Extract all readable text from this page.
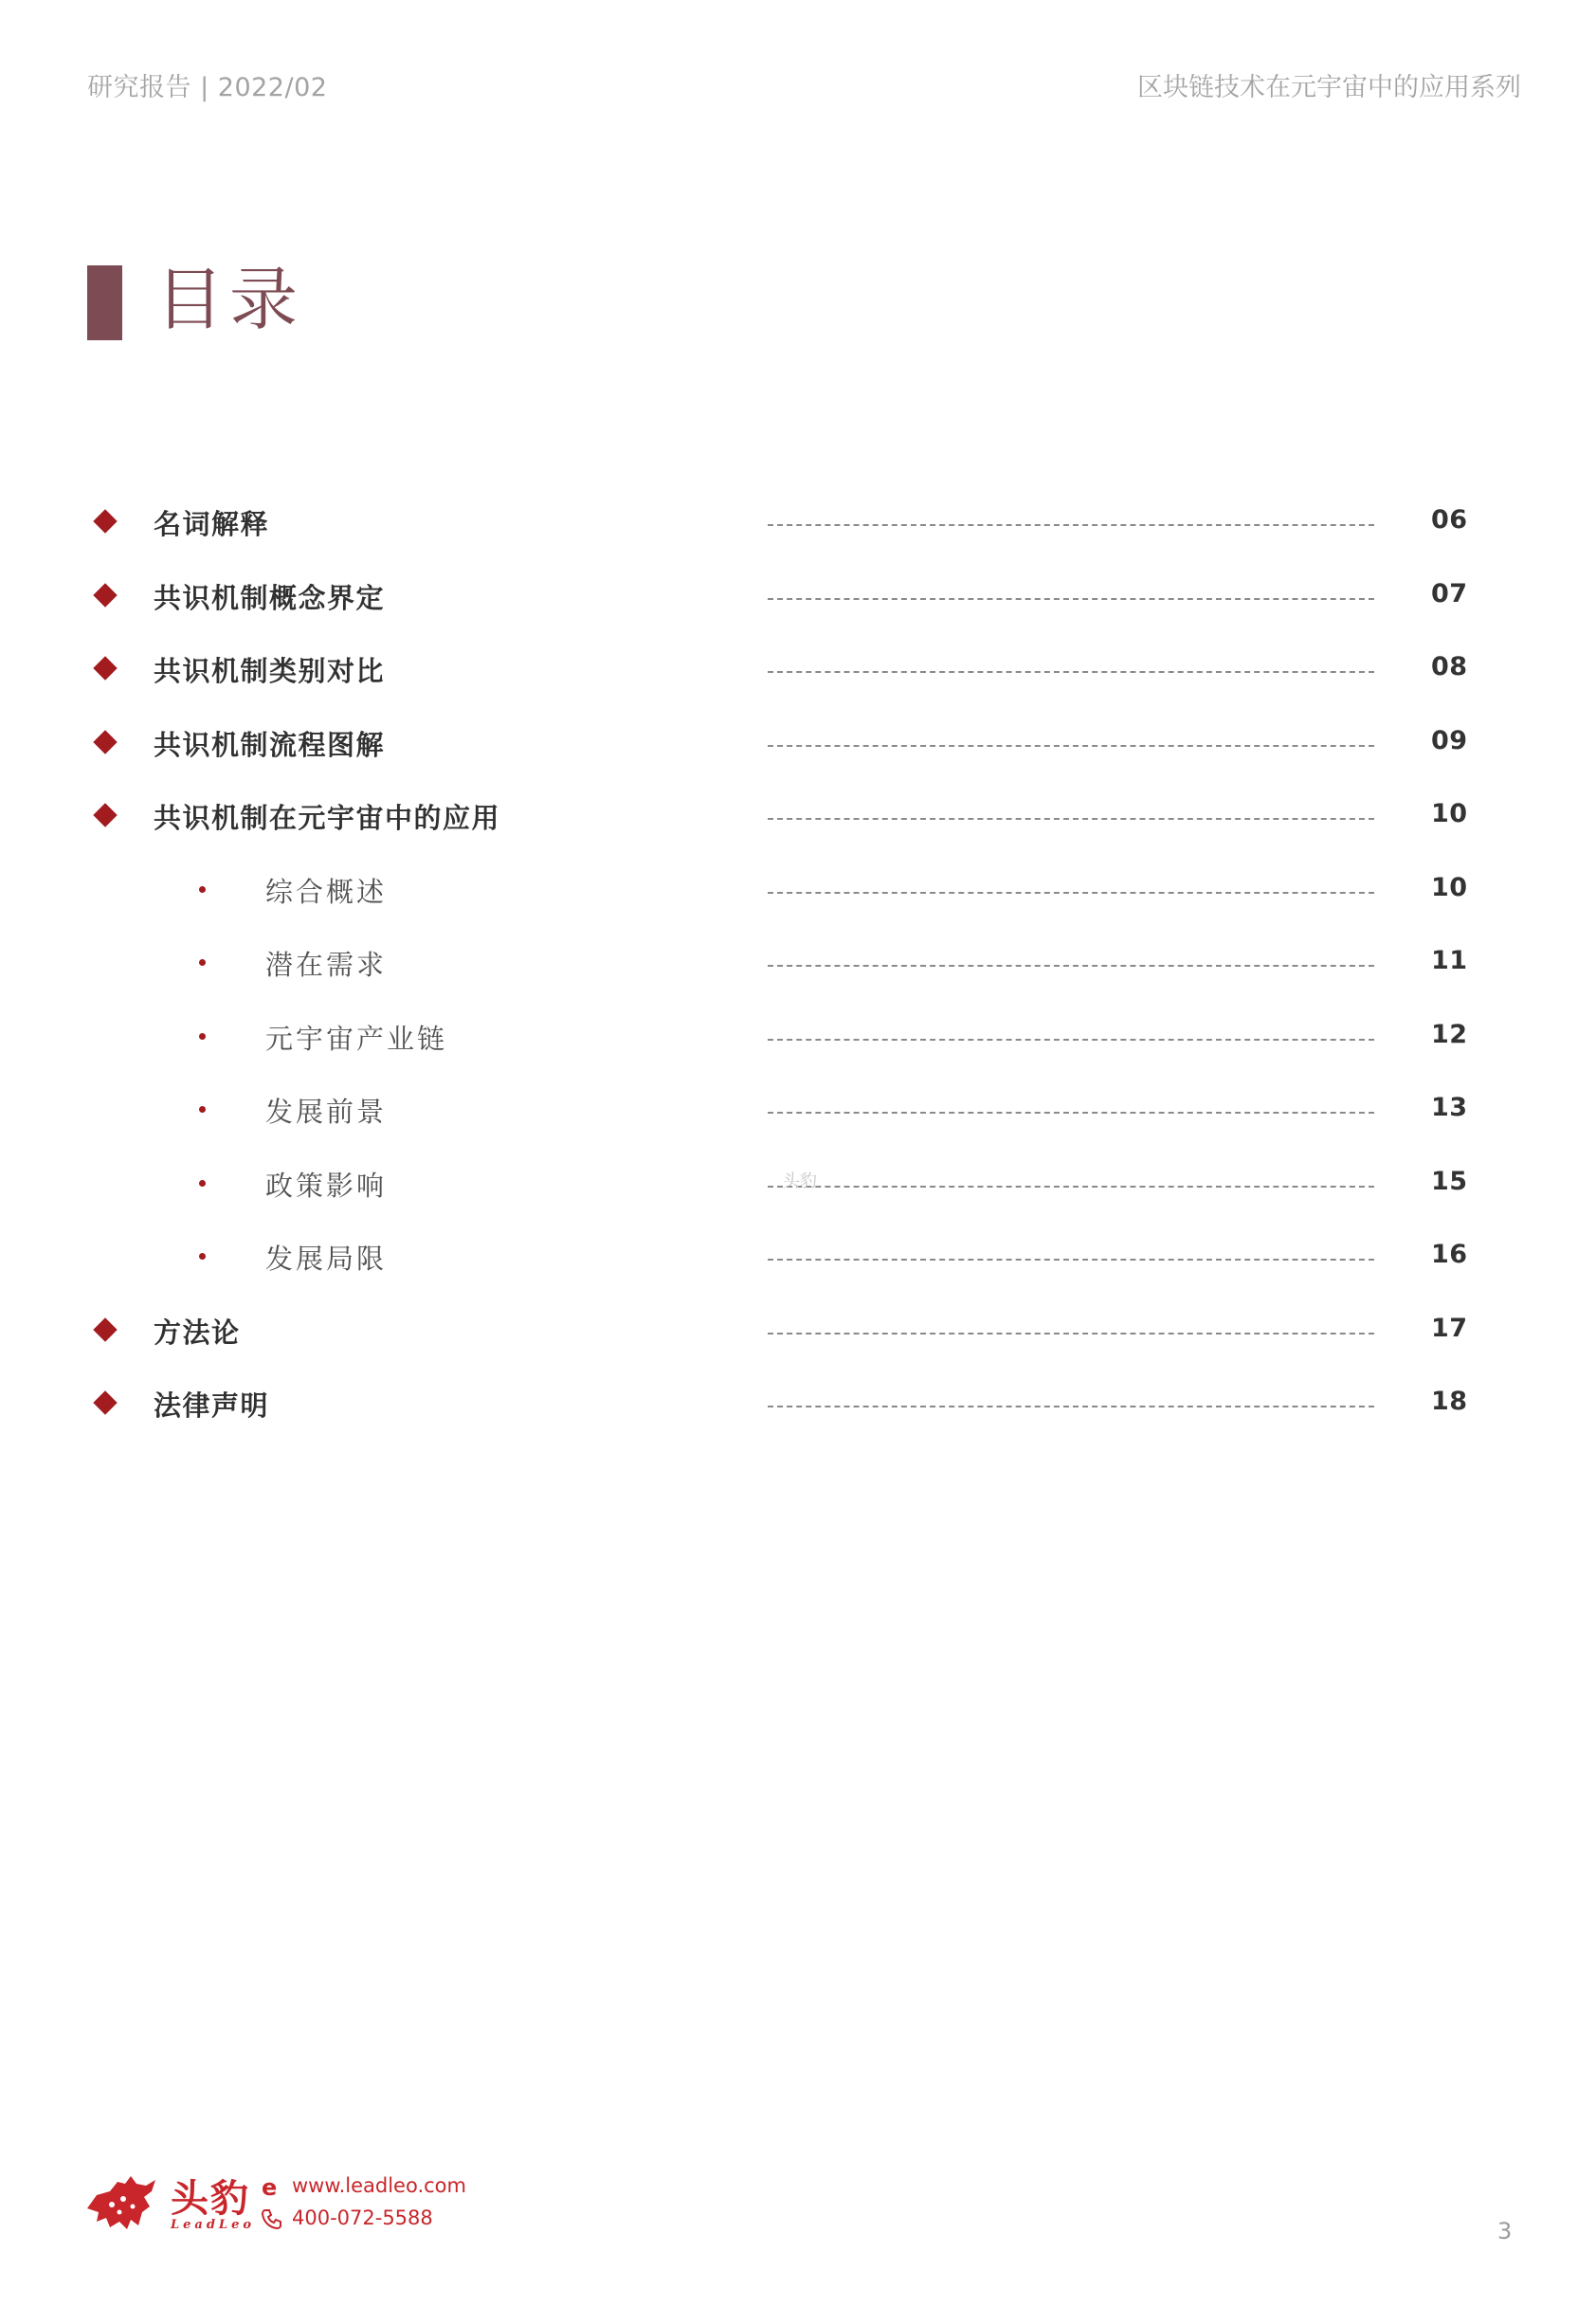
研究报告 | 2022/02	区块链技术在元宇宙中的应用系列
目录
名词解释	06
共识机制概念界定	07
共识机制类别对比	08
共识机制流程图解	09
共识机制在元宇宙中的应用	10
综合概述	10
潜在需求	11
元宇宙产业链	12
发展前景	13
政策影响	15
发展局限	16
方法论	17
法律声明	18
头豹
头豹
LeadLeo
e www.leadleo.com
400-072-5588	3
